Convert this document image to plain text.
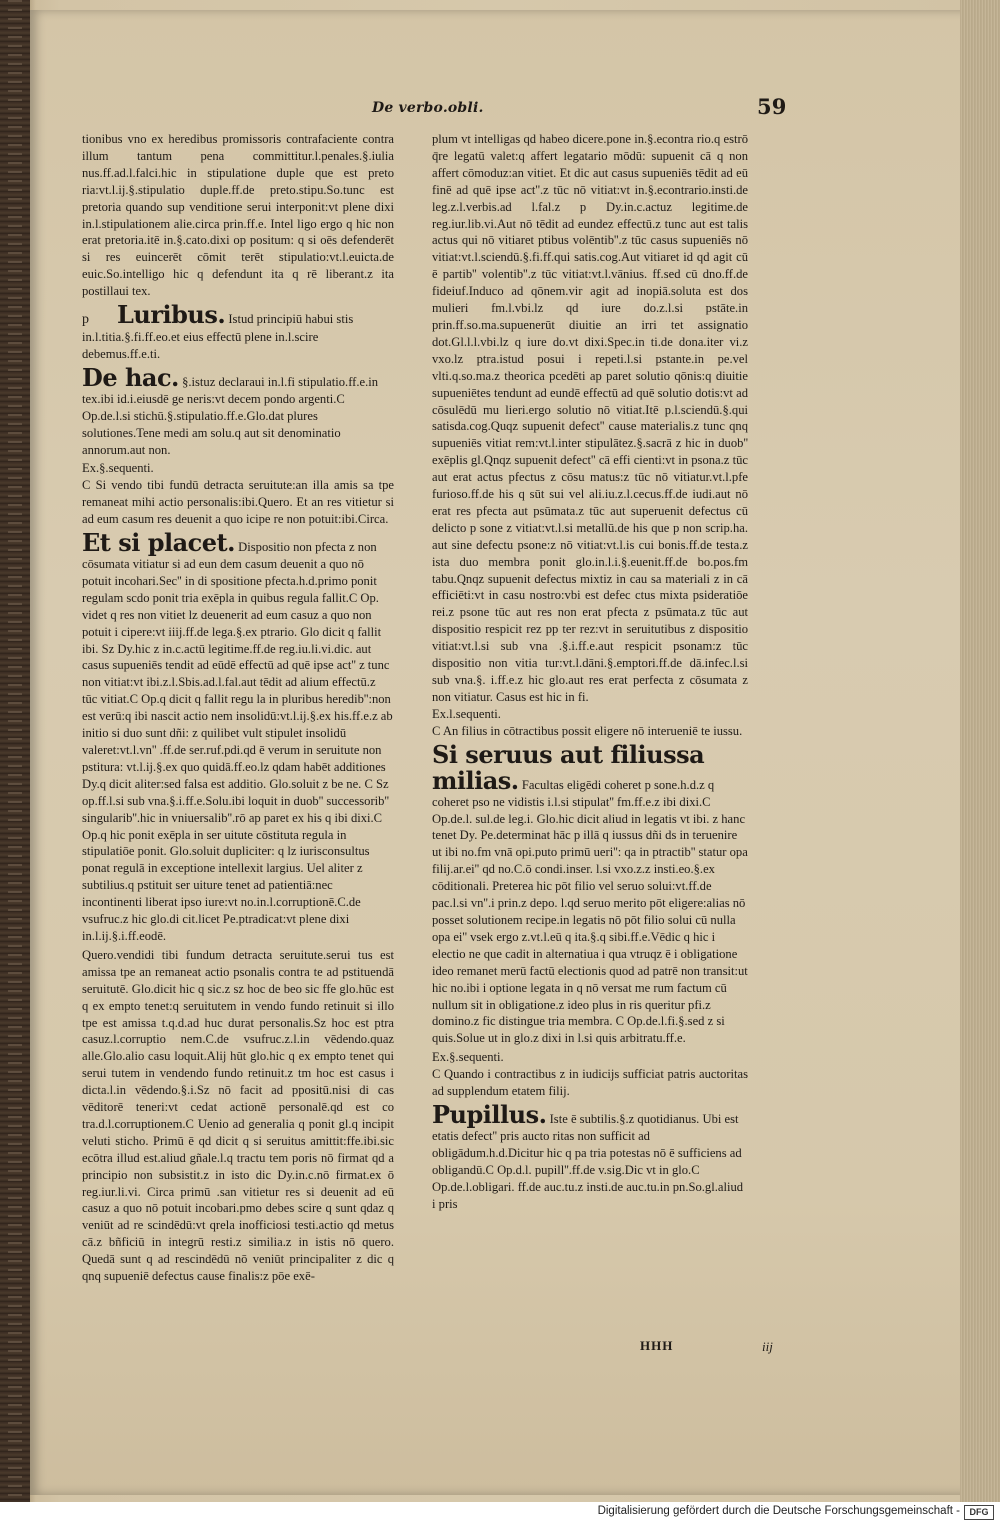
De verbo.obli.	59

tionibus vno ex heredibus promissoris contrafaciente contra illum tantum pena committitur.l.penales.§.iulia nus.ff.ad.l.falci.hic in stipulatione duple que est preto ria:vt.l.ij.§.stipulatio duple.ff.de preto.stipu.So.tunc est pretoria quando sup venditione serui interponit:vt plene dixi in.l.stipulationem alie.circa prin.ff.e. Intel ligo ergo q hic non erat pretoria.itē in.§.cato.dixi op positum: q si oēs defenderēt si res euincerēt cōmit terēt stipulatio:vt.l.euicta.de euic.So.intelligo hic q defendunt ita q rē liberant.z ita postillaui tex.

p Luribus. Istud principiū habui stis in.l.titia.§.fi.ff.eo.et eius effectū plene in.l.scire debemus.ff.e.ti.
De hac. §.istuz declaraui in.l.fi stipulatio.ff.e.in tex.ibi id.i.eiusdē ge neris:vt decem pondo argenti.C Op.de.l.si stichū.§.stipulatio.ff.e.Glo.dat plures solutiones.Tene medi am solu.q aut sit denominatio annorum.aut non.

Ex.§.sequenti.

C Si vendo tibi fundū detracta seruitute:an illa amis sa tpe remaneat mihi actio personalis:ibi.Quero. Et an res vitietur si ad eum casum res deuenit a quo icipe re non potuit:ibi.Circa.

Et si placet. Dispositio non pfecta z non cōsumata vitiatur si ad eun dem casum deuenit a quo nō potuit incohari.Sec'' in di spositione pfecta.h.d.primo ponit regulam scdo ponit tria exēpla in quibus regula fallit.C Op. videt q res non vitiet lz deuenerit ad eum casuz a quo non potuit i cipere:vt iiij.ff.de lega.§.ex ptrario. Glo dicit q fallit ibi. Sz Dy.hic z in.c.actū legitime.ff.de reg.iu.li.vi.dic. aut casus supueniēs tendit ad eūdē effectū ad quē ipse act'' z tunc non vitiat:vt ibi.z.l.Sbis.ad.l.fal.aut tēdit ad alium effectū.z tūc vitiat.C Op.q dicit q fallit regu la in pluribus heredib'':non est verū:q ibi nascit actio nem insolidū:vt.l.ij.§.ex his.ff.e.z ab initio si duo sunt dñi: z quilibet vult stipulet insolidū valeret:vt.l.vn'' .ff.de ser.ruf.pdi.qd ē verum in seruitute non pstitura: vt.l.ij.§.ex quo quidā.ff.eo.lz qdam habēt additiones Dy.q dicit aliter:sed falsa est additio. Glo.soluit z be ne. C Sz op.ff.l.si sub vna.§.i.ff.e.Solu.ibi loquit in duob'' successorib'' singularib''.hic in vniuersalib''.rō ap paret ex his q ibi dixi.C Op.q hic ponit exēpla in ser uitute cōstituta regula in stipulatiōe ponit. Glo.soluit dupliciter: q lz iurisconsultus ponat regulā in exceptione intellexit largius. Uel aliter z subtilius.q pstituit ser uiture tenet ad patientiā:nec incontinenti liberat ipso iure:vt no.in.l.corruptionē.C.de vsufruc.z hic glo.di cit.licet Pe.ptradicat:vt plene dixi in.l.ij.§.i.ff.eodē.

Quero.vendidi tibi fundum detracta seruitute.serui tus est amissa tpe an remaneat actio psonalis contra te ad pstituendā seruitutē. Glo.dicit hic q sic.z sz hoc de beo sic ffe glo.hūc est q ex empto tenet:q seruitutem in vendo fundo retinuit si illo tpe est amissa t.q.d.ad huc durat personalis.Sz hoc est ptra casuz.l.corruptio nem.C.de vsufruc.z.l.in vēdendo.quaz alle.Glo.alio casu loquit.Alij hūt glo.hic q ex empto tenet qui serui tutem in vendendo fundo retinuit.z tm hoc est casus i dicta.l.in vēdendo.§.i.Sz nō facit ad ppositū.nisi di cas vēditorē teneri:vt cedat actionē personalē.qd est co tra.d.l.corruptionem.C Uenio ad generalia q ponit gl.q incipit veluti sticho. Primū ē qd dicit q si seruitus amittit:ffe.ibi.sic ecōtra illud est.aliud gñale.l.q tractu tem poris nō firmat qd a principio non subsistit.z in isto dic Dy.in.c.nō firmat.ex ō reg.iur.li.vi. Circa primū .san vitietur res si deuenit ad eū casuz a quo nō potuit incobari.pmo debes scire q sunt qdaz q veniūt ad re scindēdū:vt qrela inofficiosi testi.actio qd metus cā.z bñficiū in integrū resti.z similia.z in istis nō quero. Quedā sunt q ad rescindēdū nō veniūt principaliter z dic q qnq supueniē defectus cause finalis:z pōe exē-

plum vt intelligas qd habeo dicere.pone in.§.econtra rio.q estrō q̄re legatū valet:q affert legatario mōdū: supuenit cā q non affert cōmoduz:an vitiet. Et dic aut casus supueniēs tēdit ad eū finē ad quē ipse act''.z tūc nō vitiat:vt in.§.econtrario.insti.de leg.z.l.verbis.ad l.fal.z p Dy.in.c.actuz legitime.de reg.iur.lib.vi.Aut nō tēdit ad eundez effectū.z tunc aut est talis actus qui nō vitiaret ptibus volēntib''.z tūc casus supueniēs nō vitiat:vt.l.sciendū.§.fi.ff.qui satis.cog.Aut vitiaret id qd agit cū ē partib'' volentib''.z tūc vitiat:vt.l.vānius. ff.sed cū dno.ff.de fideiuf.Induco ad qōnem.vir agit ad inopiā.soluta est dos mulieri fm.l.vbi.lz qd iure do.z.l.si pstāte.in prin.ff.so.ma.supuenerūt diuitie an irri tet assignatio dot.Gl.l.l.vbi.lz q iure do.vt dixi.Spec.in ti.de dona.iter vi.z vxo.lz ptra.istud posui i repeti.l.si pstante.in pe.vel vlti.q.so.ma.z theorica pcedēti ap paret solutio qōnis:q diuitie supueniētes tendunt ad eundē effectū ad quē solutio dotis:vt ad cōsulēdū mu lieri.ergo solutio nō vitiat.Itē p.l.sciendū.§.qui satisda.cog.Quqz supuenit defect'' cause materialis.z tunc qnq supueniēs vitiat rem:vt.l.inter stipulātez.§.sacrā z hic in duob'' exēplis gl.Qnqz supuenit defect'' cā effi cienti:vt in psona.z tūc aut erat actus pfectus z cōsu matus:z tūc nō vitiatur.vt.l.pfe furioso.ff.de his q sūt sui vel ali.iu.z.l.cecus.ff.de iudi.aut nō erat res pfecta aut psūmata.z tūc aut superuenit defectus cū delicto p sone z vitiat:vt.l.si metallū.de his que p non scrip.ha. aut sine defectu psone:z nō vitiat:vt.l.is cui bonis.ff.de testa.z ista duo membra ponit glo.in.l.i.§.euenit.ff.de bo.pos.fm tabu.Qnqz supuenit defectus mixtiz in cau sa materiali z in cā efficiēti:vt in casu nostro:vbi est defec ctus mixta psideratiōe rei.z psone tūc aut res non erat pfecta z psūmata.z tūc aut dispositio respicit rez pp ter rez:vt in seruitutibus z dispositio vitiat:vt.l.si sub vna .§.i.ff.e.aut respicit psonam:z tūc dispositio non vitia tur:vt.l.dāni.§.emptori.ff.de dā.infec.l.si sub vna.§. i.ff.e.z hic glo.aut res erat perfecta z cōsumata z non vitiatur. Casus est hic in fi.

Ex.l.sequenti.

C An filius in cōtractibus possit eligere nō interueniē te iussu.

Si seruus aut filiussa milias. Facultas eligēdi coheret p sone.h.d.z q coheret pso ne vidistis i.l.si stipulat'' fm.ff.e.z ibi dixi.C Op.de.l. sul.de leg.i. Glo.hic dicit aliud in legatis vt ibi. z hanc tenet Dy. Pe.determinat hāc p illā q iussus dñi ds in teruenire ut ibi no.fm vnā opi.puto primū ueri'': qa in ptractib'' statur opa filij.ar.ei'' qd no.C.ō condi.inser. l.si vxo.z.z insti.eo.§.ex cōditionali. Preterea hic pōt filio vel seruo solui:vt.ff.de pac.l.si vn''.i prin.z depo. l.qd seruo merito pōt eligere:alias nō posset solutionem recipe.in legatis nō pōt filio solui cū nulla opa ei'' vsek ergo z.vt.l.eū q ita.§.q sibi.ff.e.Vēdic q hic i electio ne que cadit in alternatiua i qua vtruqz ē i obligatione ideo remanet merū factū electionis quod ad patrē non transit:ut hic no.ibi i optione legata in q nō versat me rum factum cū nullum sit in obligatione.z ideo plus in ris queritur pfi.z domino.z fic distingue tria membra. C Op.de.l.fi.§.sed z si quis.Solue ut in glo.z dixi in l.si quis arbitratu.ff.e.

Ex.§.sequenti.

C Quando i contractibus z in iudicijs sufficiat patris auctoritas ad supplendum etatem filij.

Pupillus. Iste ē subtilis.§.z quotidianus. Ubi est etatis defect'' pris aucto ritas non sufficit ad obligādum.h.d.Dicitur hic q pa tria potestas nō ē sufficiens ad obligandū.C Op.d.l. pupill''.ff.de v.sig.Dic vt in glo.C Op.de.l.obligari. ff.de auc.tu.z insti.de auc.tu.in pn.So.gl.aliud i pris
HHH	iij
Digitalisierung gefördert durch die Deutsche Forschungsgemeinschaft -	DFG
